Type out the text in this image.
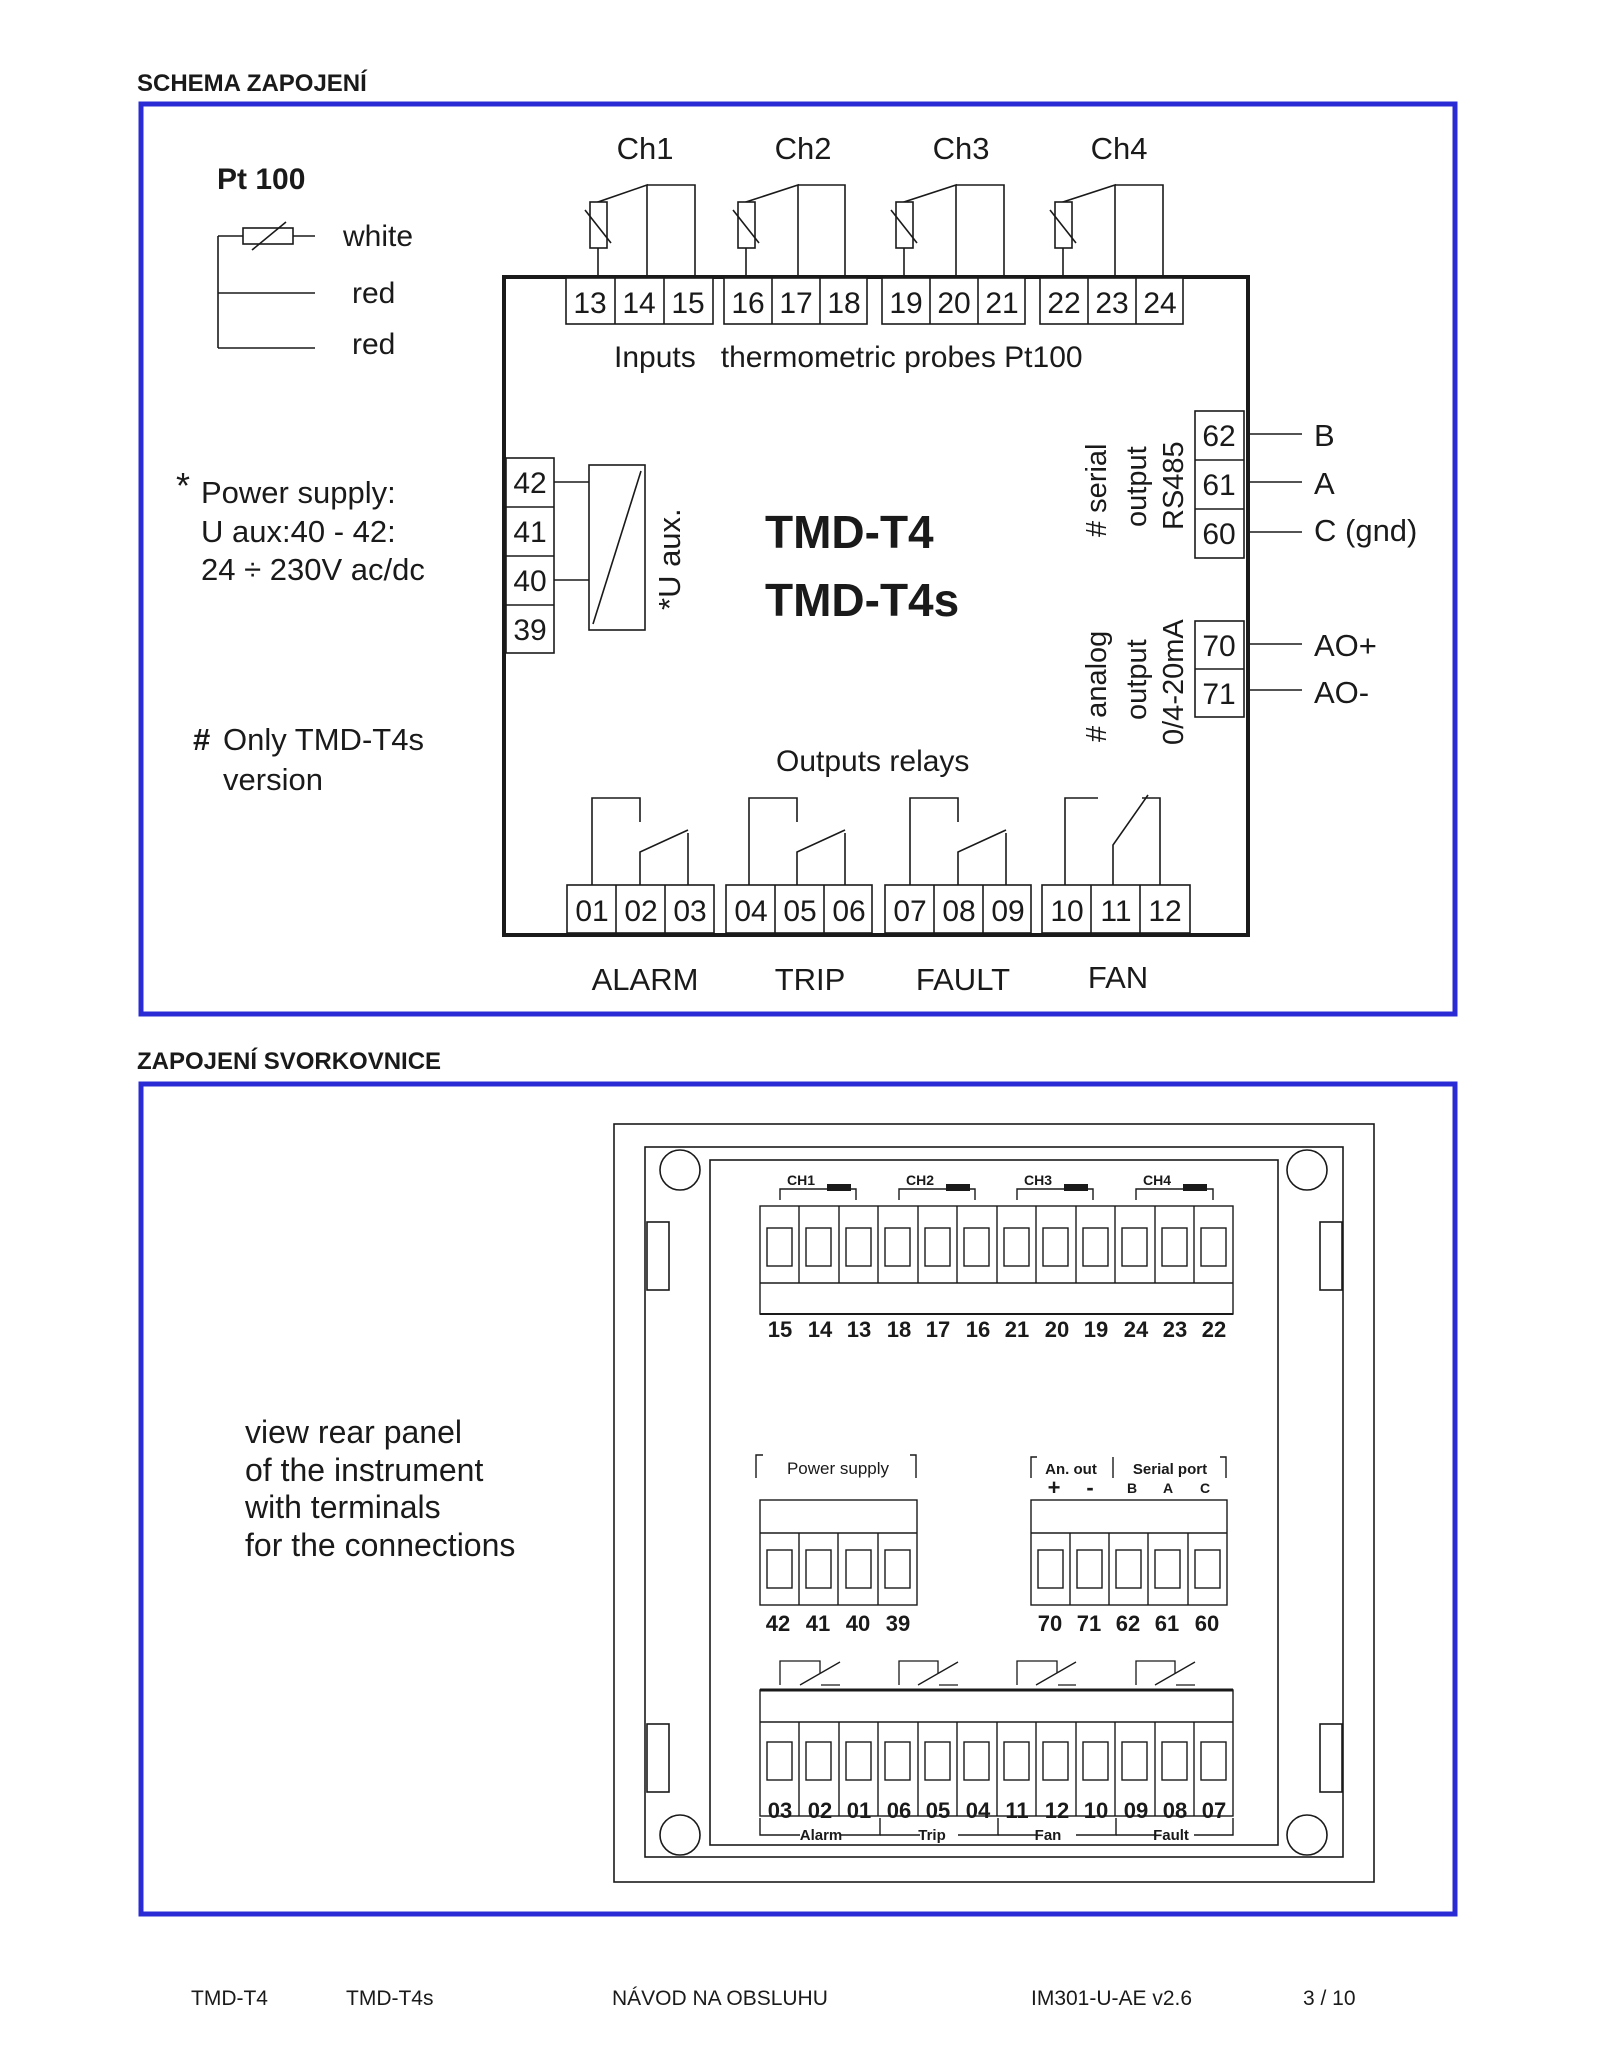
SCHEMA ZAPOJENÍ
ZAPOJENÍ SVORKOVNICE
Pt 100
white
red
red
* Power supply:
U aux:40 - 42:
24 ÷ 230V ac/dc
# Only TMD-T4s
version
Ch1	Ch2	Ch3	Ch4
13 14 15 16 17 18 19 20 21 22 23 24
Inputs   thermometric probes Pt100
42
41
40
39
*U aux. TMD-T4
TMD-T4s
# serial output RS485
62
61
60
B
A
C (gnd)
# analog output 0/4-20mA 70
71
AO+
AO-
Outputs relays
01 02 03 04 05 06 07 08 09 10 11 12
ALARM TRIP FAULT	FAN
view rear panel
of the instrument
with terminals
for the connections
CH1	CH2	CH3	CH4
15 14 13 18 17 16 21 20 19 24 23 22
Power supply
42 41 40 39
An. out Serial port
+ - B A C
70 71 62 61 60
03 02 01 06 05 04 11 12 10 09 08 07
Alarm	Trip	Fan	Fault
TMD-T4	TMD-T4s	NÁVOD NA OBSLUHU	IM301-U-AE v2.6	3 / 10
